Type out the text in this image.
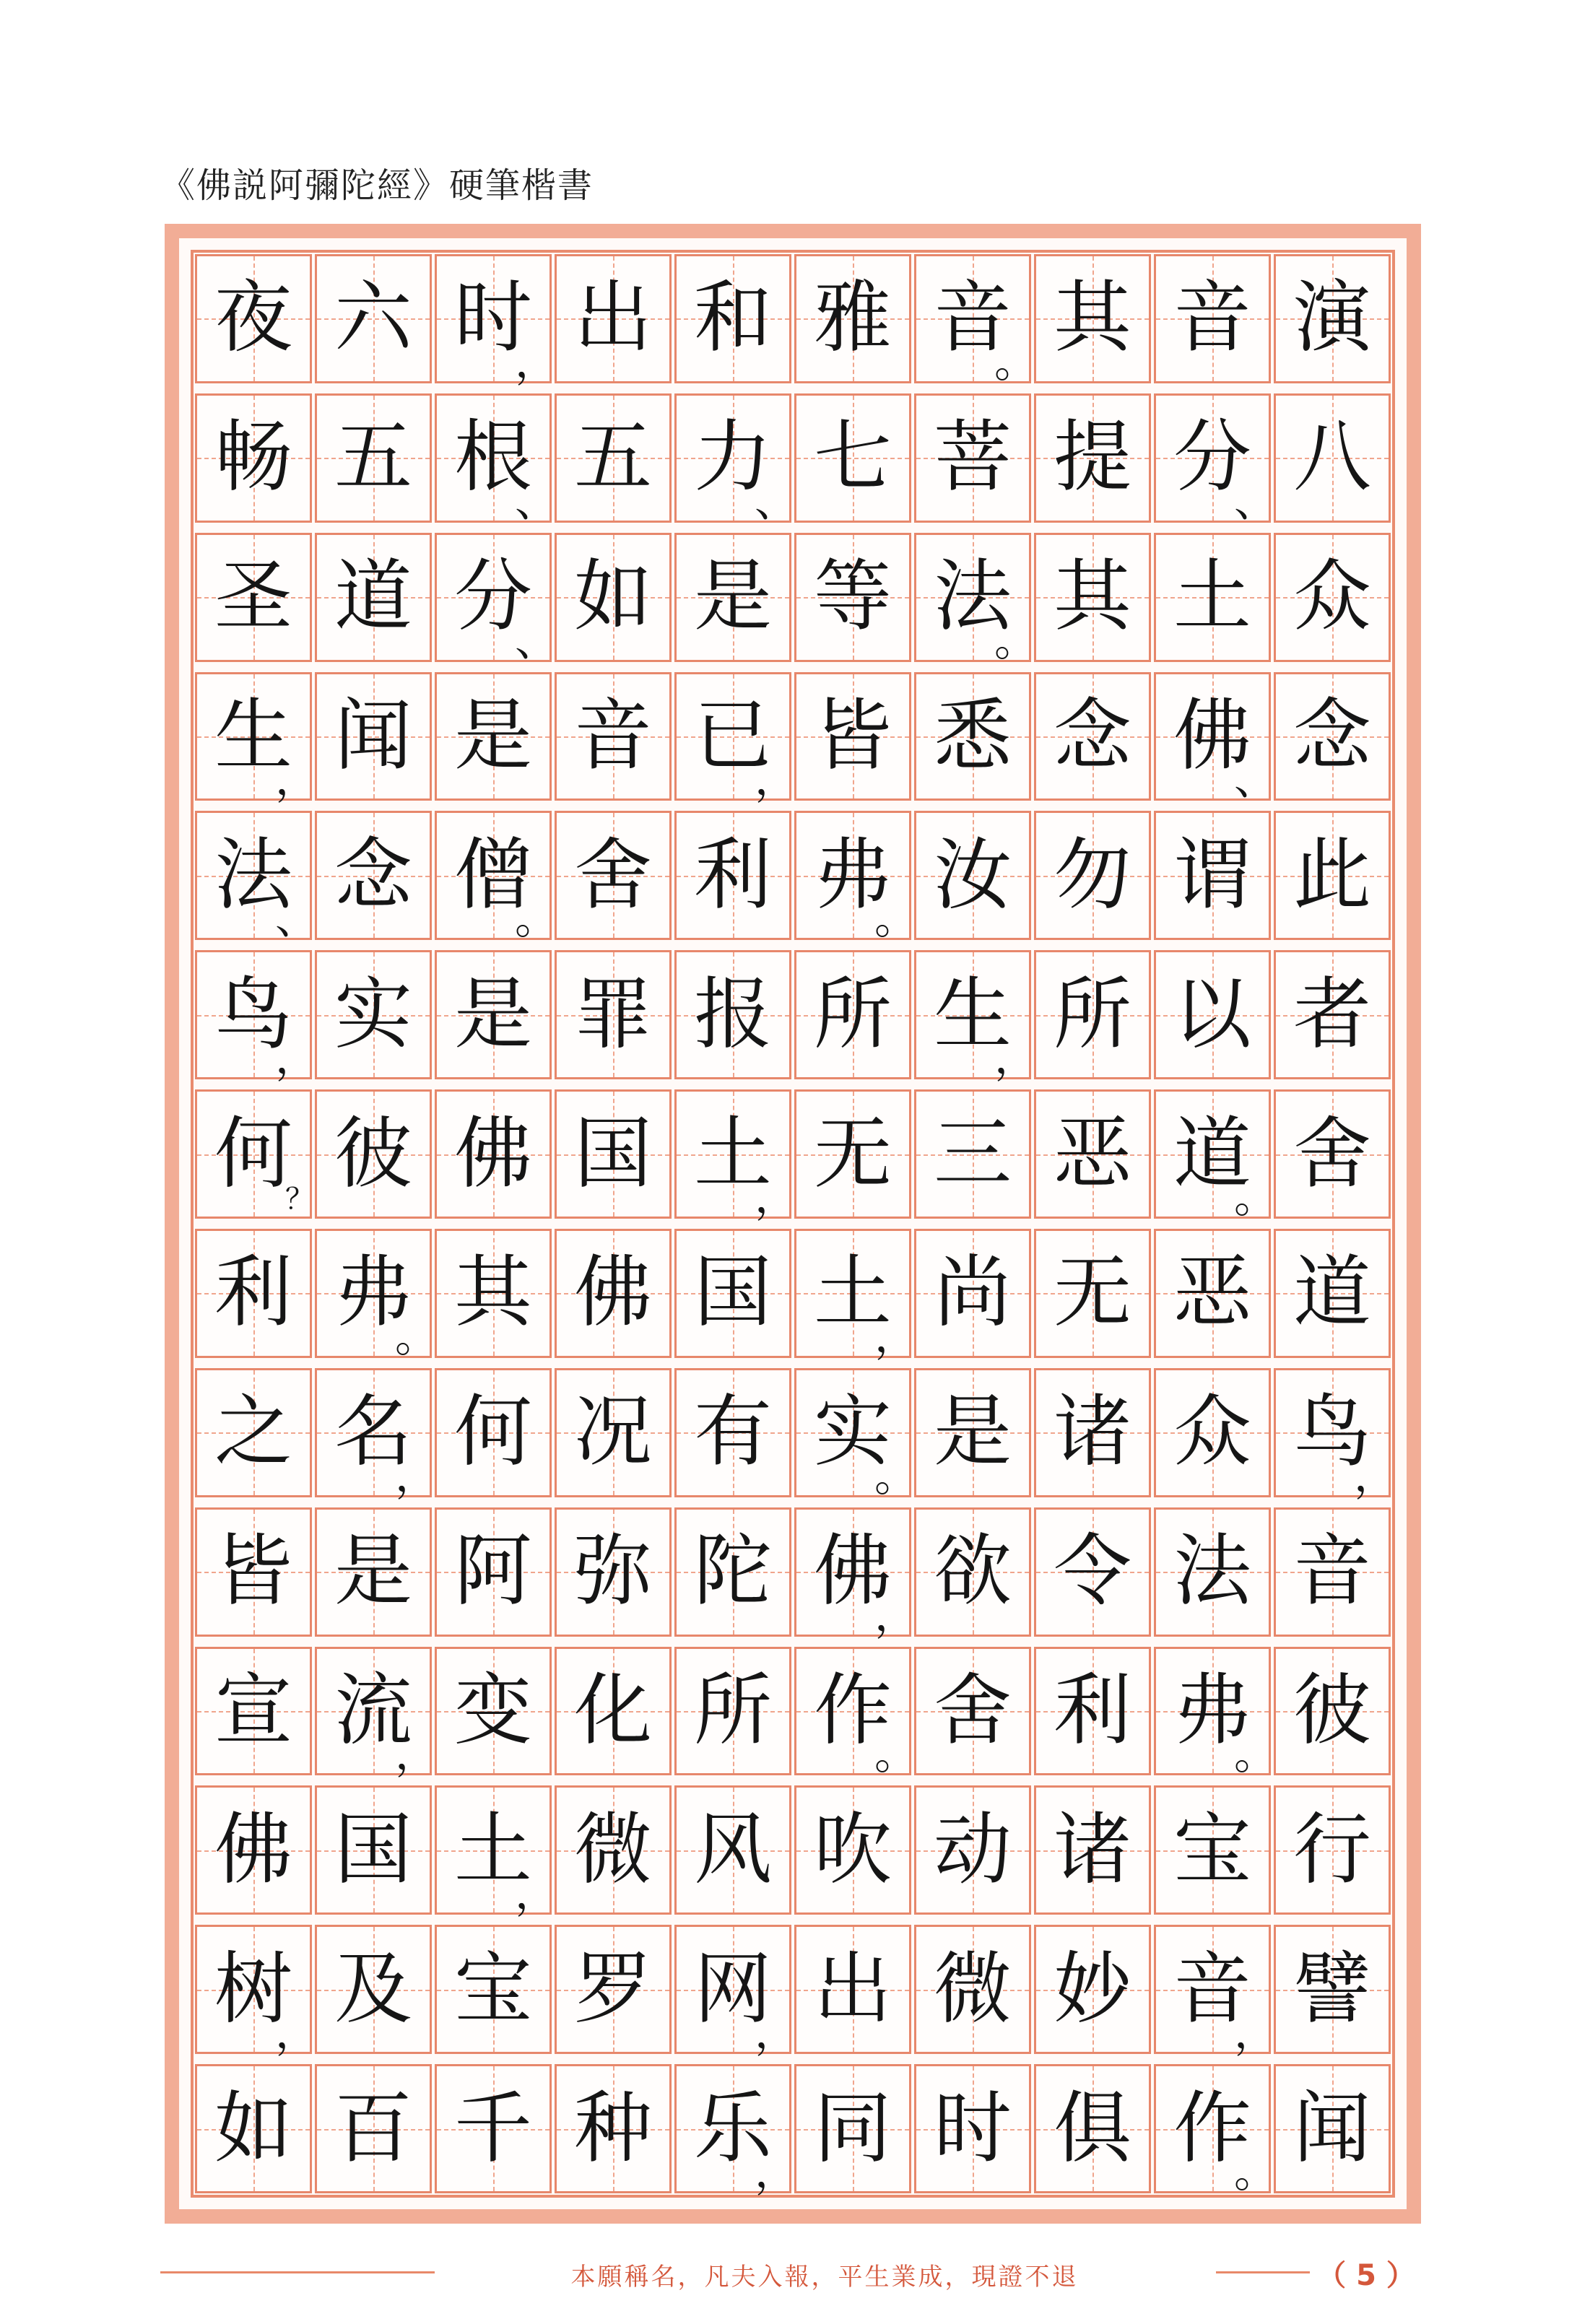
《佛説阿彌陀經》硬筆楷書
夜 六 时
， 出 和 雅 音
。 其 音 演
畅 五 根
、 五 力
、 七 菩 提 分
、 八
圣 道 分
、 如 是 等 法
。 其 土 众
生
， 闻 是 音 已
， 皆 悉 念 佛
、 念
法
、 念 僧
。 舍 利 弗
。 汝 勿 谓 此
鸟
， 实 是 罪 报 所 生
， 所 以 者
何
？
彼 佛 国 土
， 无 三 恶 道
。 舍
利 弗
。 其 佛 国 土
， 尚 无 恶 道
之 名
， 何 况 有 实
。 是 诸 众 鸟
，
皆 是 阿 弥 陀 佛
， 欲 令 法 音
宣 流
， 变 化 所 作
。 舍 利 弗
。 彼
佛 国 土
， 微 风 吹 动 诸 宝 行
树
， 及 宝 罗 网
， 出 微 妙 音
， 譬
如 百 千 种 乐
， 同 时 俱 作
。 闻
本願稱名，凡夫入報，平生業成，現證不退	（ 5 ）
